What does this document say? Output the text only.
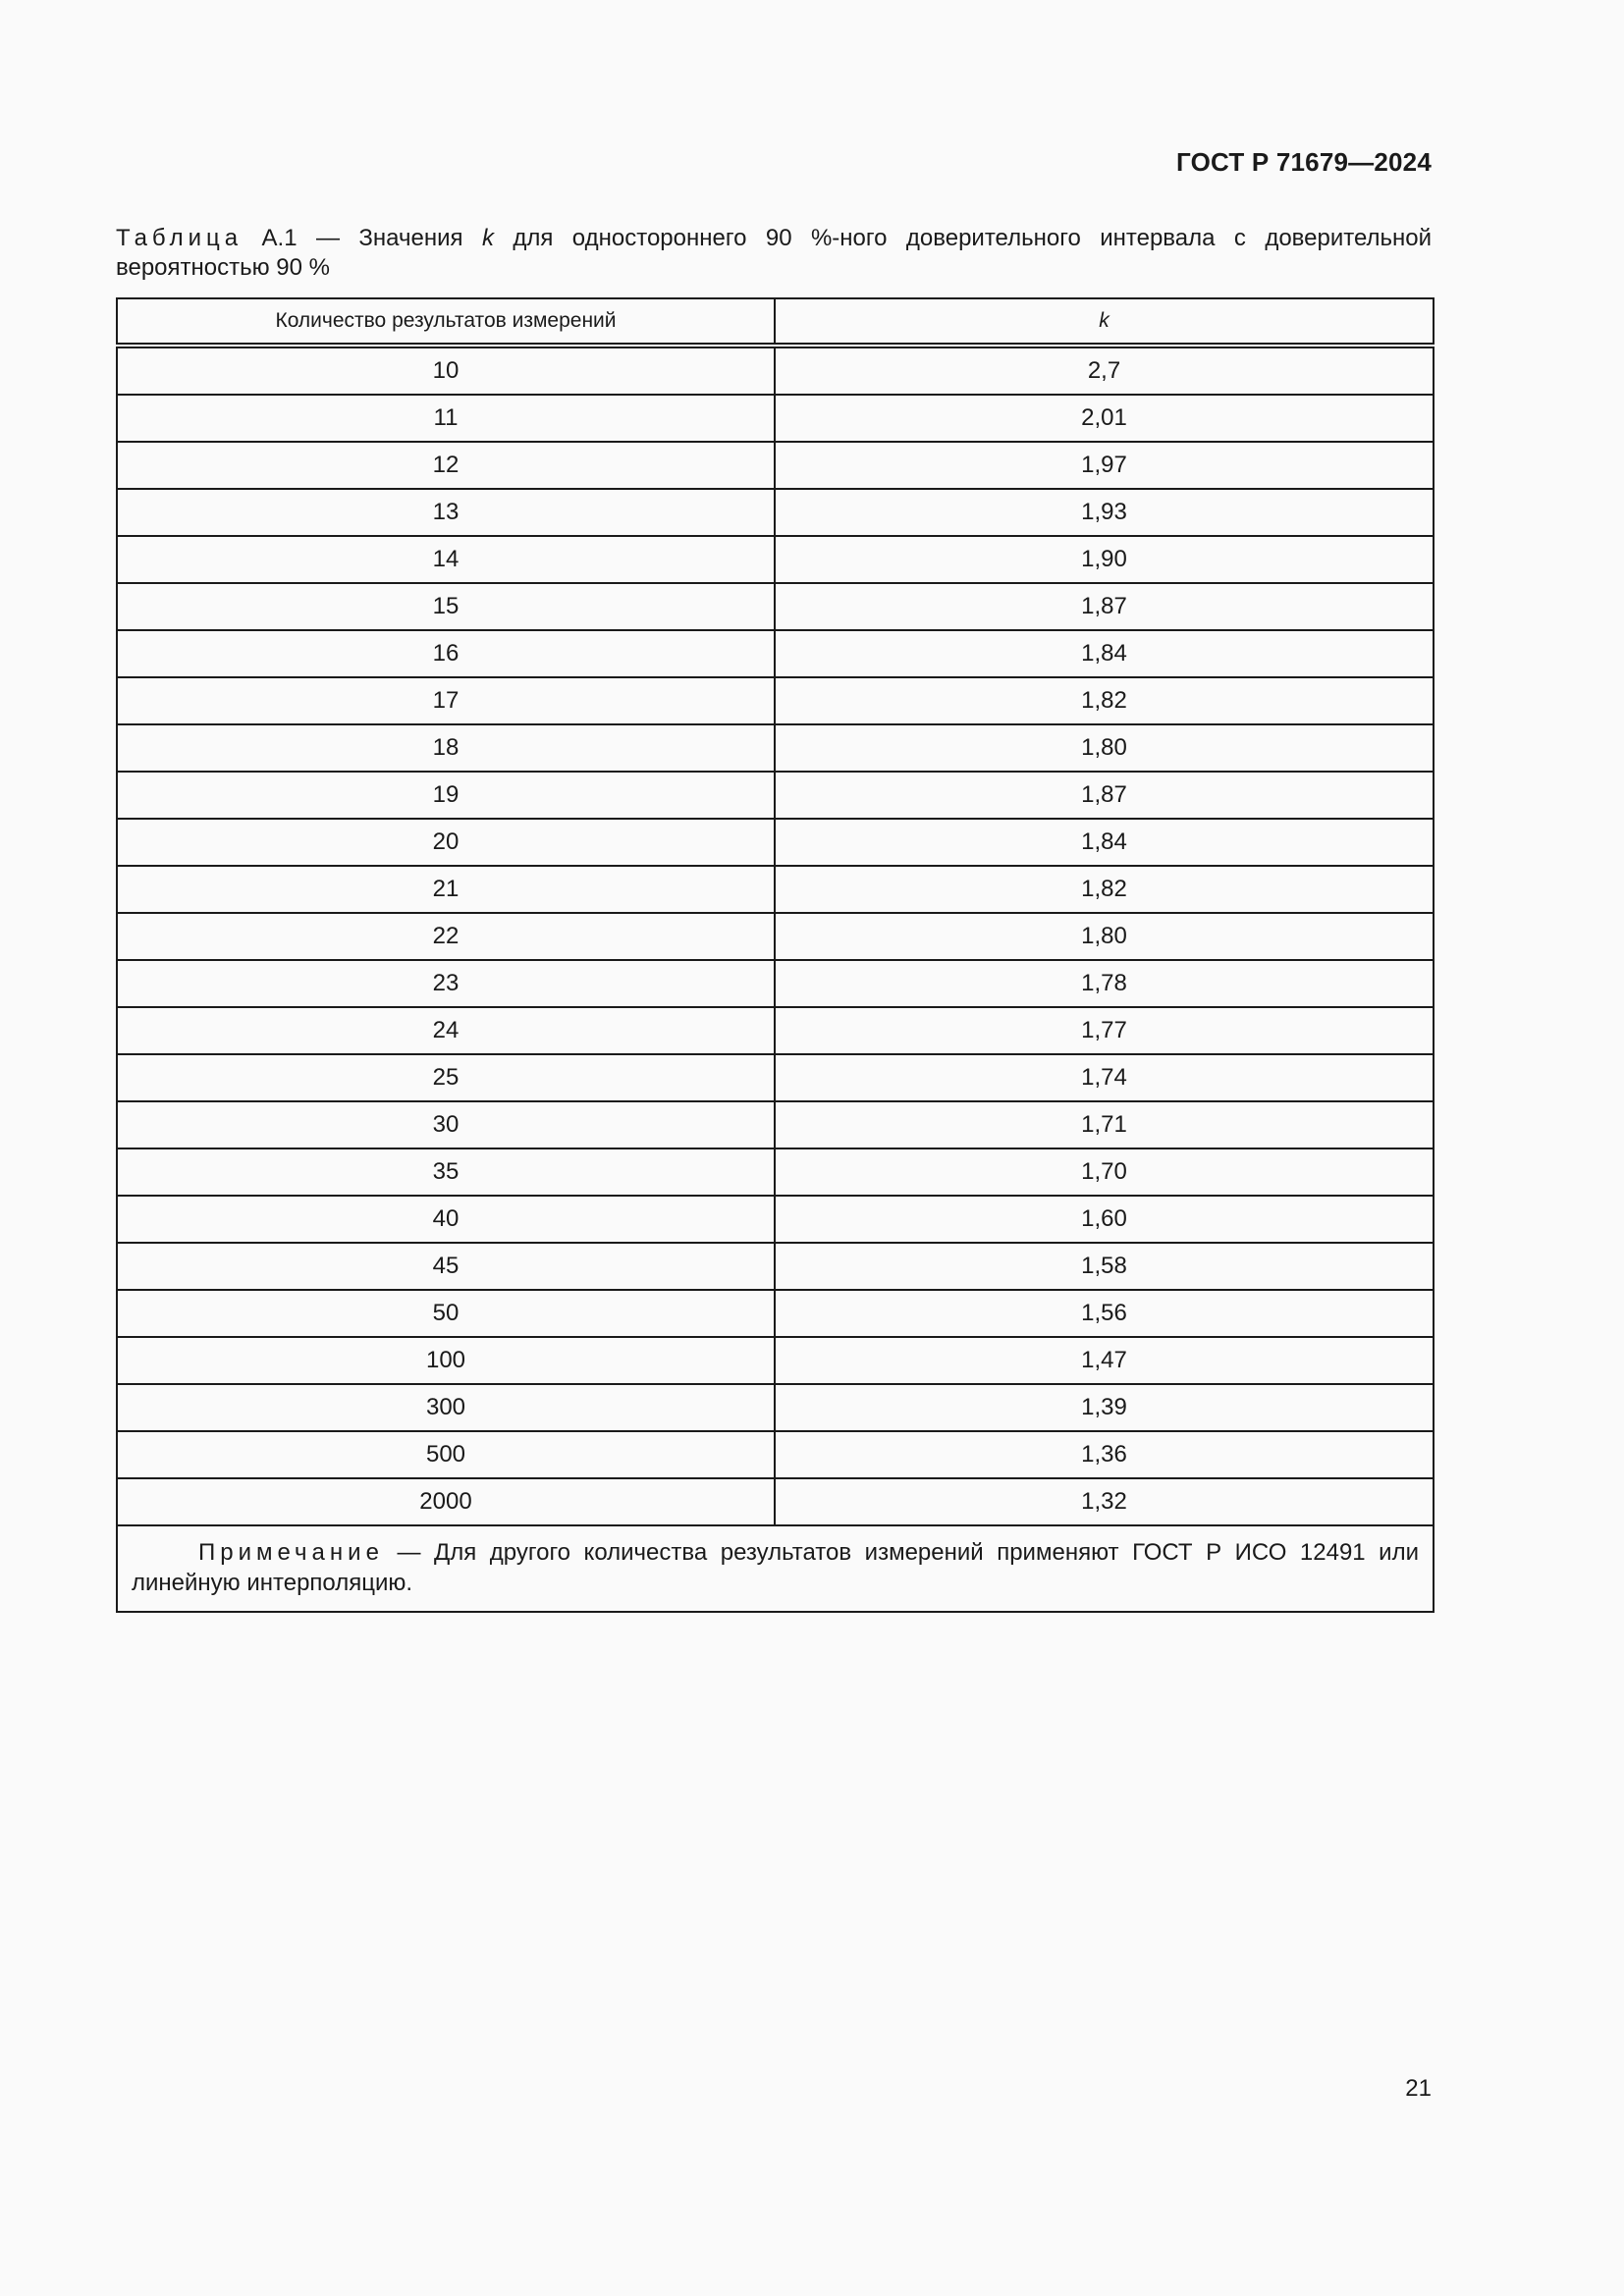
ГОСТ Р 71679—2024
Таблица А.1 — Значения k для одностороннего 90 %-ного доверительного интервала с доверительной вероятностью 90 %
Количество результатов измерений	k
10	2,7
11	2,01
12	1,97
13	1,93
14	1,90
15	1,87
16	1,84
17	1,82
18	1,80
19	1,87
20	1,84
21	1,82
22	1,80
23	1,78
24	1,77
25	1,74
30	1,71
35	1,70
40	1,60
45	1,58
50	1,56
100	1,47
300	1,39
500	1,36
2000	1,32
Примечание — Для другого количества результатов измерений применяют ГОСТ Р ИСО 12491 или линейную интерполяцию.	
21
